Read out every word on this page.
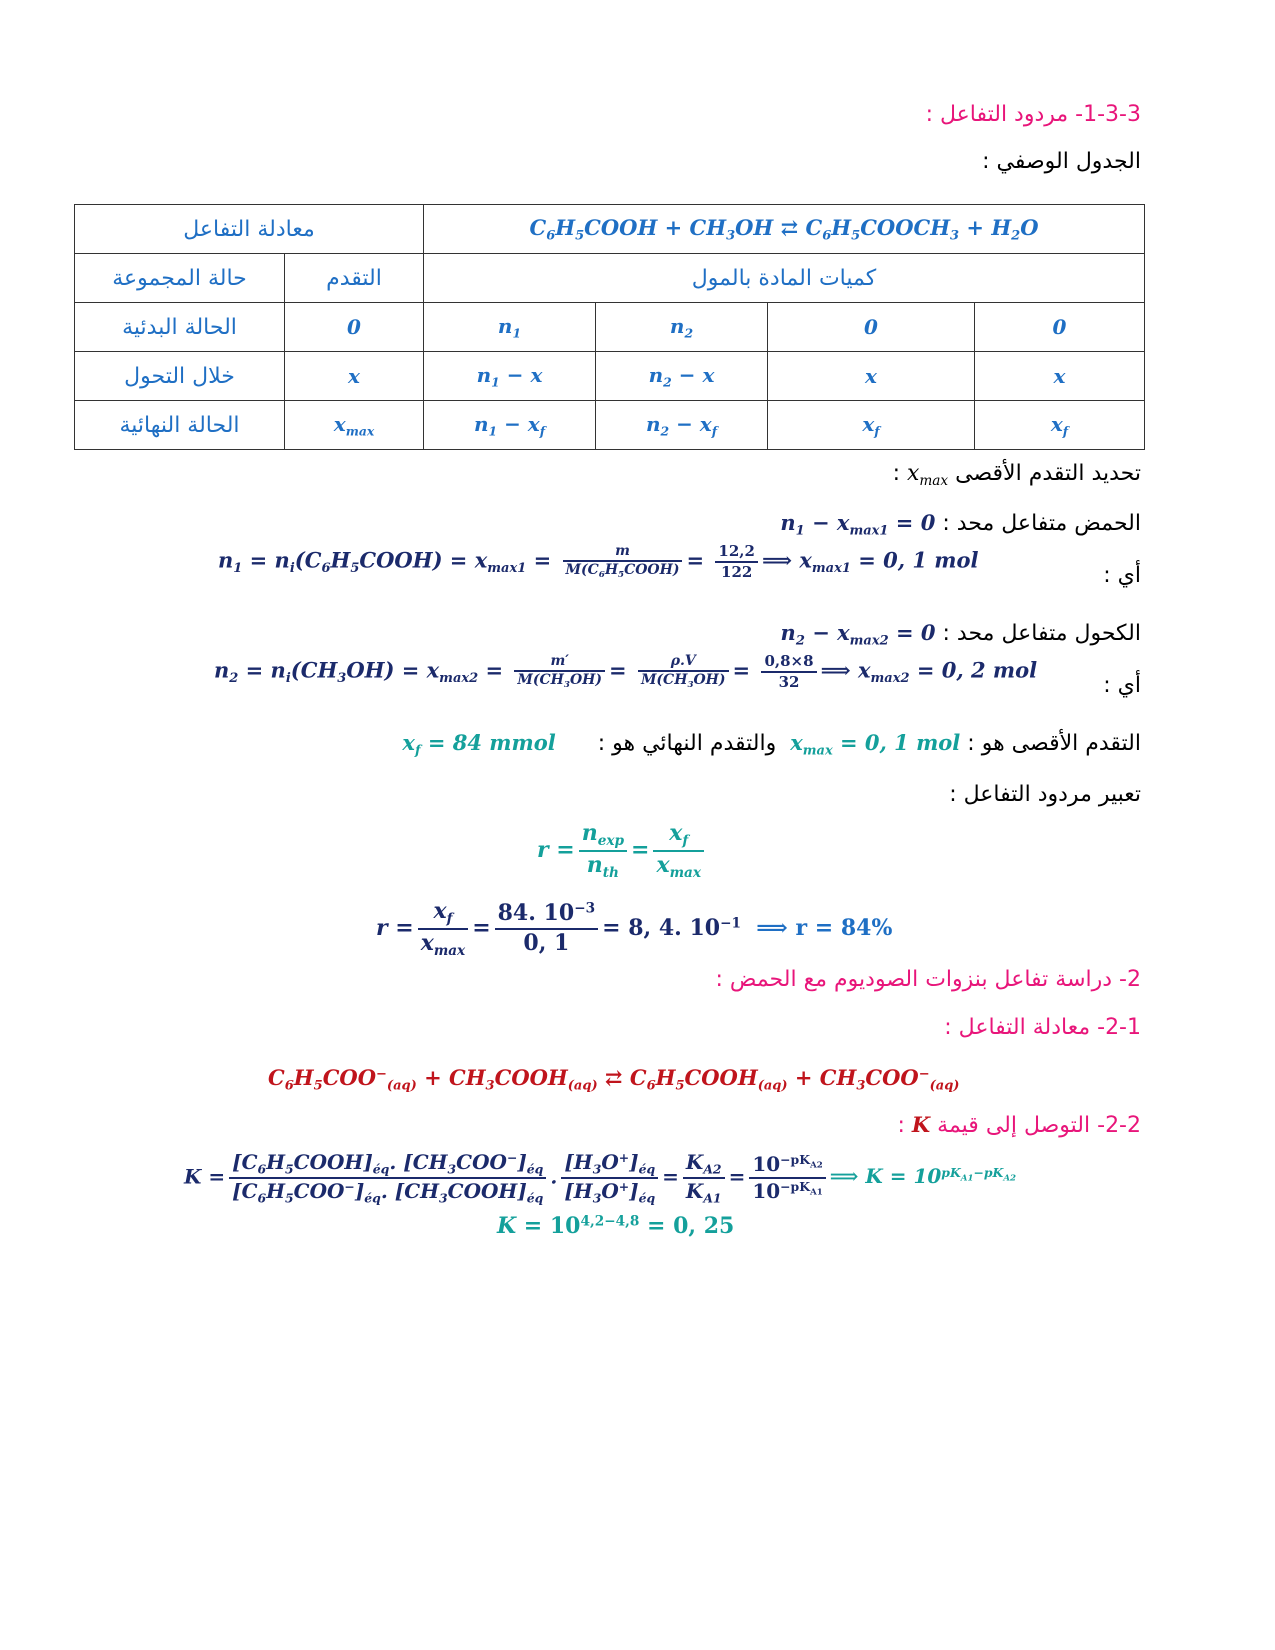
1-3-3- مردود التفاعل :
الجدول الوصفي :
معادلة التفاعل		$C_6H_5COOH + CH_3OH$ ⇄ $C_6H_5COOCH_3 + H_2O$			
حالة المجموعة	التقدم	كميات المادة بالمول			
الحالة البدئية	0	$n_1$	$n_2$	0	0
خلال التحول	x	$n_1 - x$	$n_2 - x$	x	x
الحالة النهائية	$x_{max}$	$n_1 - x_f$	$n_2 - x_f$	$x_f$	$x_f$
تحديد التقدم الأقصى $x_{max}$ :
الحمض متفاعل محد : $n_1 - x_{max1} = 0$
أي :
$n_1$ = $n_i(C_6H_5COOH) = x_{max1} = \frac{m}{M(C_6H_5COOH)} = \frac{12,2}{122}$ ⟹ $x_{max1} = 0$, 1 mol
الكحول متفاعل محد : $n_2 - x_{max2} = 0$
أي :
$n_2 = n_i(CH_3OH) = x_{max2} = \frac{m'}{M(CH_3OH)} = \frac{\rho.V}{M(CH_3OH)} = \frac{0,8\times 8}{32}$ ⟹ $x_{max2} = 0$, 2 mol
التقدم الأقصى هو : $x_{max} = 0$, 1 mol  والتقدم النهائي هو :      $x_f = 84$ mmol
تعبير مردود التفاعل :
$r = \frac{n_{exp}}{n_{th}} = \frac{x_f}{x_{max}}$
$r = \frac{x_f}{x_{max}} = \frac{84. 10^{-3}}{0, 1} = 8$, 4. $10^{-1}$  ⟹ r = 84%
2- دراسة تفاعل بنزوات الصوديوم مع الحمض :
2-1- معادلة التفاعل :
$C_6H_5COO^-_{(aq)}$ + $CH_3COOH_{(aq)}$ ⇄ $C_6H_5COOH_{(aq)} + CH_3COO^-_{(aq)}$
2-2- التوصل إلى قيمة K :
$K = \frac{[C_6H_5COOH]_{éq}. [CH_3COO^-]_{éq}}{[C_6H_5COO^-]_{éq}. [CH_3COOH]_{éq}}$ . $\frac{[H_3O^+]_{éq}}{[H_3O^+]_{éq}} = \frac{K_{A2}}{K_{A1}} = \frac{10^{-pK_{A2}}}{10^{-pK_{A1}}}$ ⟹ $K = 10^{pK_{A1}-pK_{A2}}$
$K = 10^{4,2-4,8} = 0$, 25
